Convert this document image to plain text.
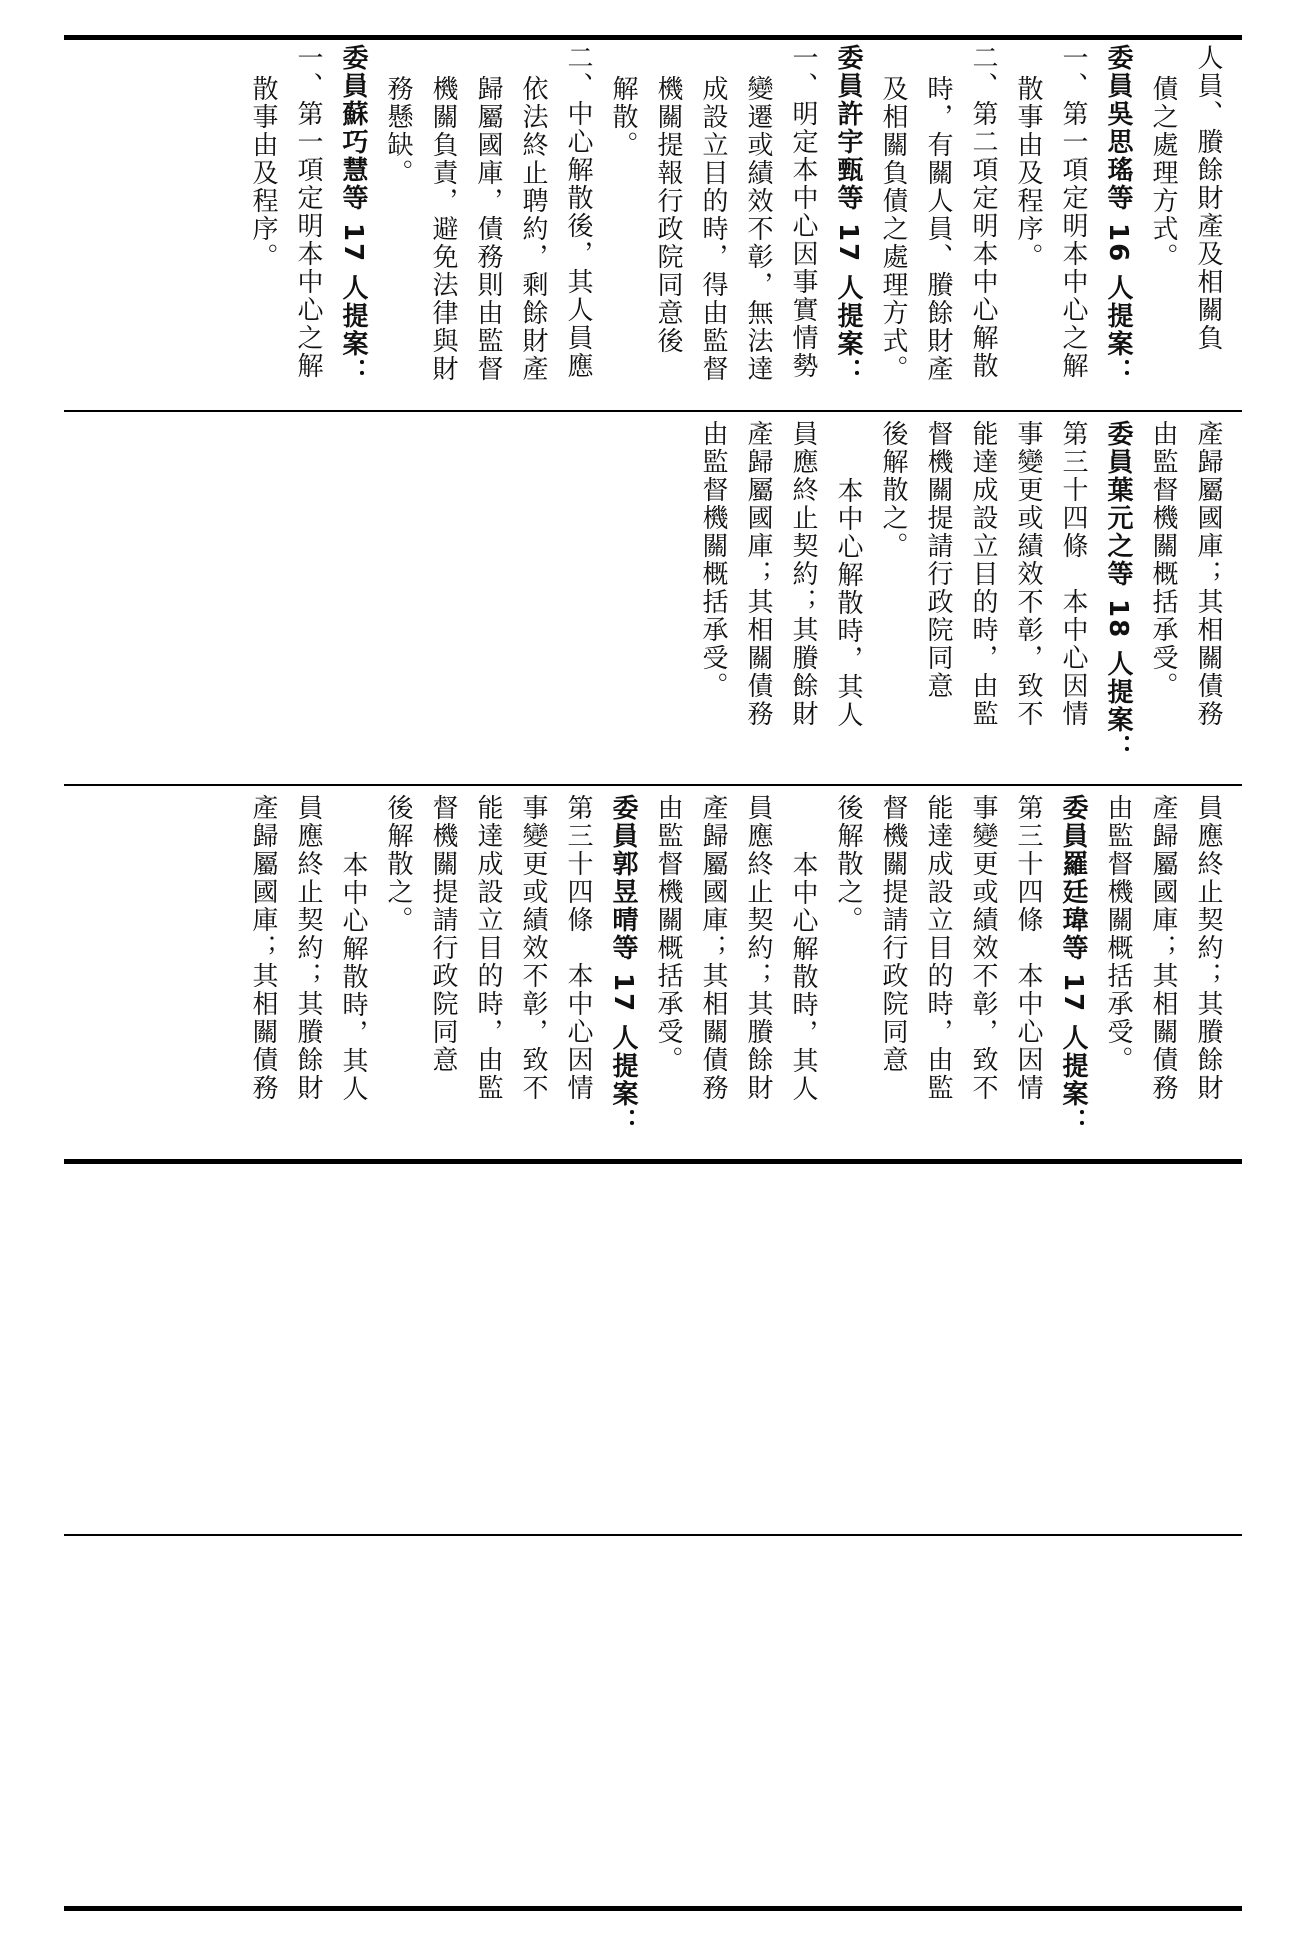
人員、賸餘財產及相關負
債之處理方式。
委員吳思瑤等 16 人提案：
一、第一項定明本中心之解
散事由及程序。
二、第二項定明本中心解散
時，有關人員、賸餘財產
及相關負債之處理方式。
委員許宇甄等 17 人提案：
一、明定本中心因事實情勢
變遷或績效不彰，無法達
成設立目的時，得由監督
機關提報行政院同意後
解散。
二、中心解散後，其人員應
依法終止聘約，剩餘財產
歸屬國庫，債務則由監督
機關負責，避免法律與財
務懸缺。
委員蘇巧慧等 17 人提案：
一、第一項定明本中心之解
散事由及程序。
產歸屬國庫；其相關債務
由監督機關概括承受。
委員葉元之等 18 人提案：
第三十四條　本中心因情
事變更或績效不彰，致不
能達成設立目的時，由監
督機關提請行政院同意
後解散之。
本中心解散時，其人
員應終止契約；其賸餘財
產歸屬國庫；其相關債務
由監督機關概括承受。
員應終止契約；其賸餘財
產歸屬國庫；其相關債務
由監督機關概括承受。
委員羅廷瑋等 17 人提案：
第三十四條　本中心因情
事變更或績效不彰，致不
能達成設立目的時，由監
督機關提請行政院同意
後解散之。
本中心解散時，其人
員應終止契約；其賸餘財
產歸屬國庫；其相關債務
由監督機關概括承受。
委員郭昱晴等 17 人提案：
第三十四條　本中心因情
事變更或績效不彰，致不
能達成設立目的時，由監
督機關提請行政院同意
後解散之。
本中心解散時，其人
員應終止契約；其賸餘財
產歸屬國庫；其相關債務
